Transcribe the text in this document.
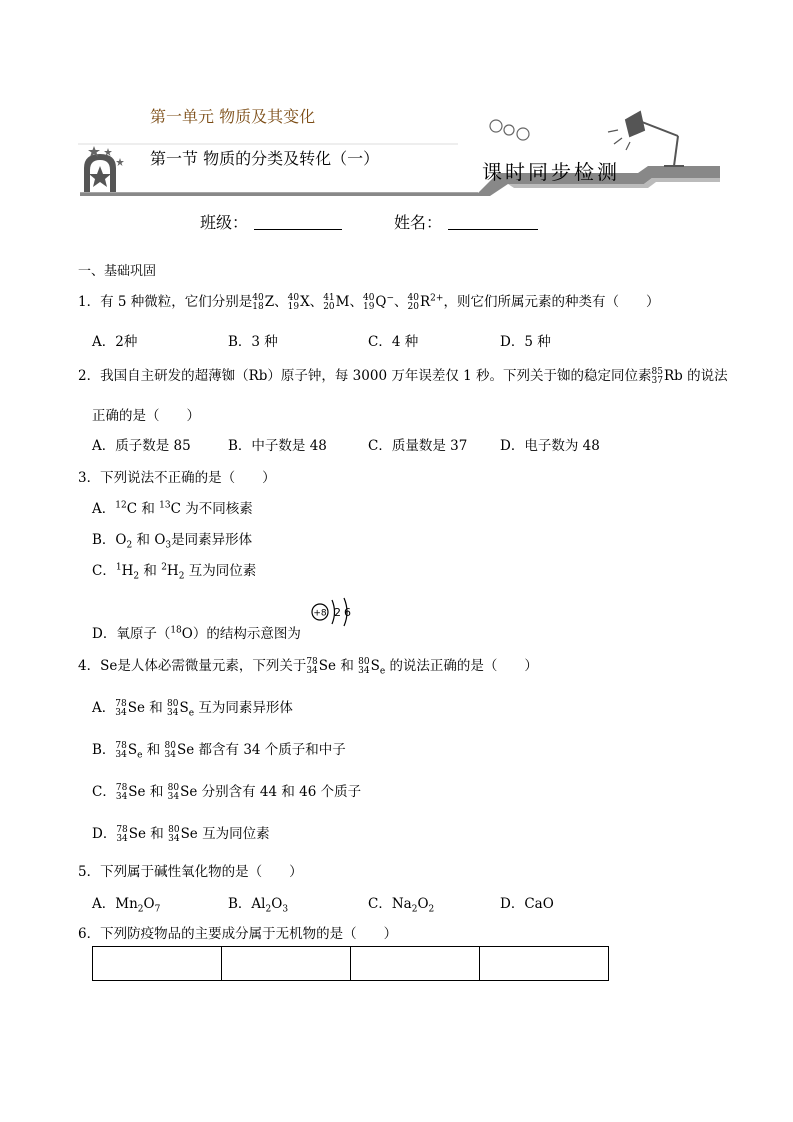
第一单元 物质及其变化
第一节 物质的分类及转化（一）
课时同步检测
班级：	姓名：
一、基础巩固
1．有 5 种微粒，它们分别是 40
18 Z、 40
19 X、 41
20 M、 40
19 Q−、 40
20 $R^{2+}$，则它们所属元素的种类有（　　）
A．2种	B．3 种	C．4 种	D．5 种
2．我国自主研发的超薄铷（Rb）原子钟，每 3000 万年误差仅 1 秒。下列关于铷的稳定同位素 85
37 Rb 的说法
正确的是（　　）
A．质子数是 85	B．中子数是 48	C．质量数是 37 D．电子数为 48
3．下列说法不正确的是（　　）
A．$^{12}$C 和 $^{13}$C 为不同核素
B．$O_2$ 和 $O_3$是同素异形体
C．$^1H_2$ 和 $^2H_2$ 互为同位素
D．氧原子（$^{18}$O）的结构示意图为
+8 2 6
4．Se是人体必需微量元素，下列关于 78
34 Se 和 80
34 $S_e$ 的说法正确的是（　　）
A． 78
34 Se 和 80
34 $S_e$ 互为同素异形体
B． 78
34 $S_e$ 和 80
34 Se 都含有 34 个质子和中子
C． 78
34 Se 和 80
34 Se 分别含有 44 和 46 个质子
D． 78
34 Se 和 80
34 Se 互为同位素
5．下列属于碱性氧化物的是（　　）
A．$Mn_2O_7$	B．$Al_2O_3$	C．$Na_2O_2$	D．CaO
6．下列防疫物品的主要成分属于无机物的是（　　）
